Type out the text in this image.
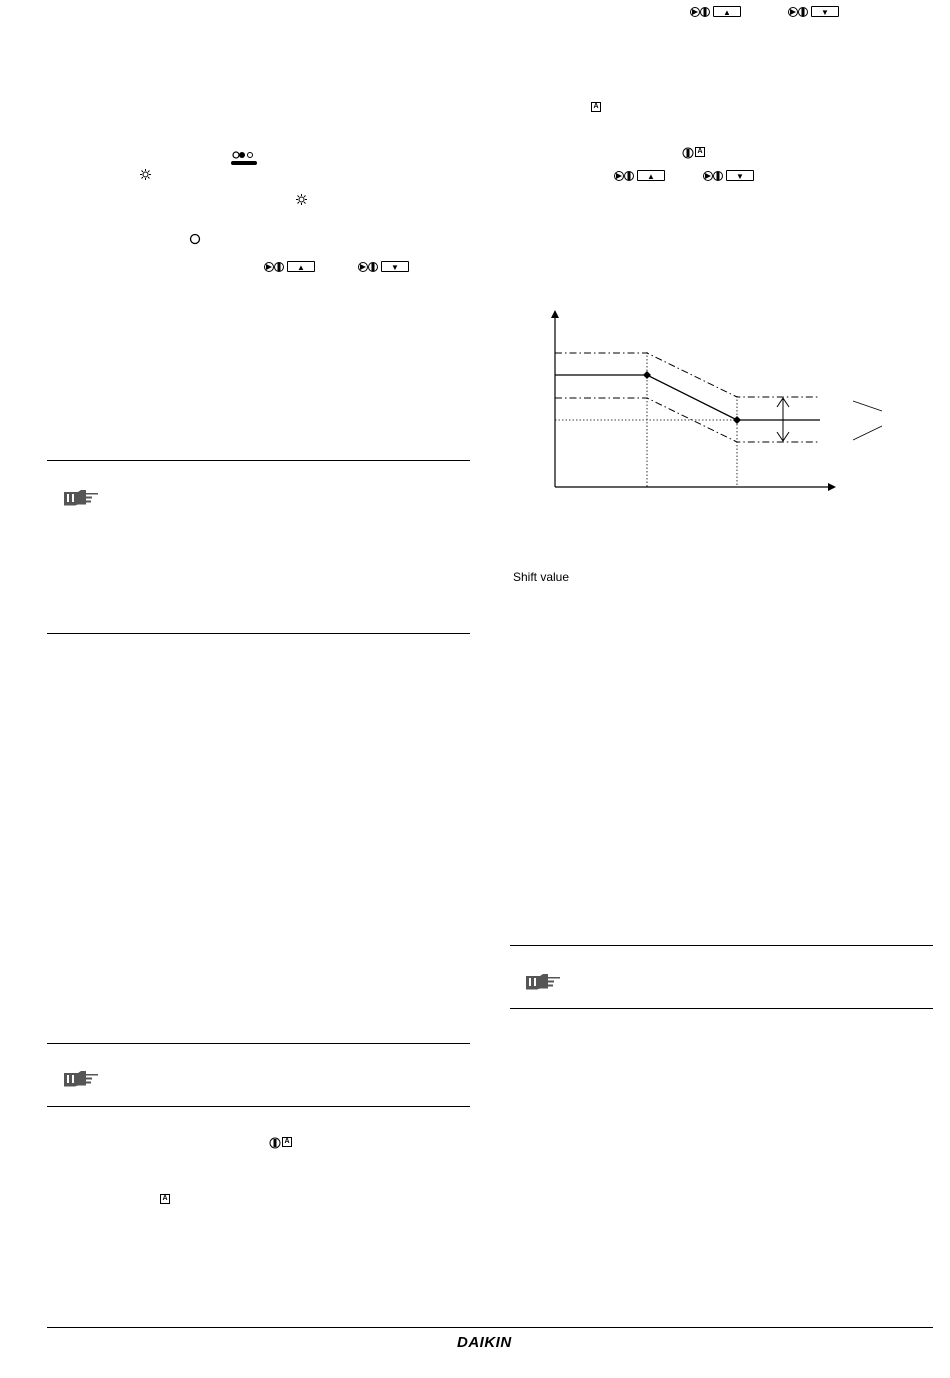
▲	▼
A
A
▲	▼
▲	▼
Shift value
A
A
DAIKIN
